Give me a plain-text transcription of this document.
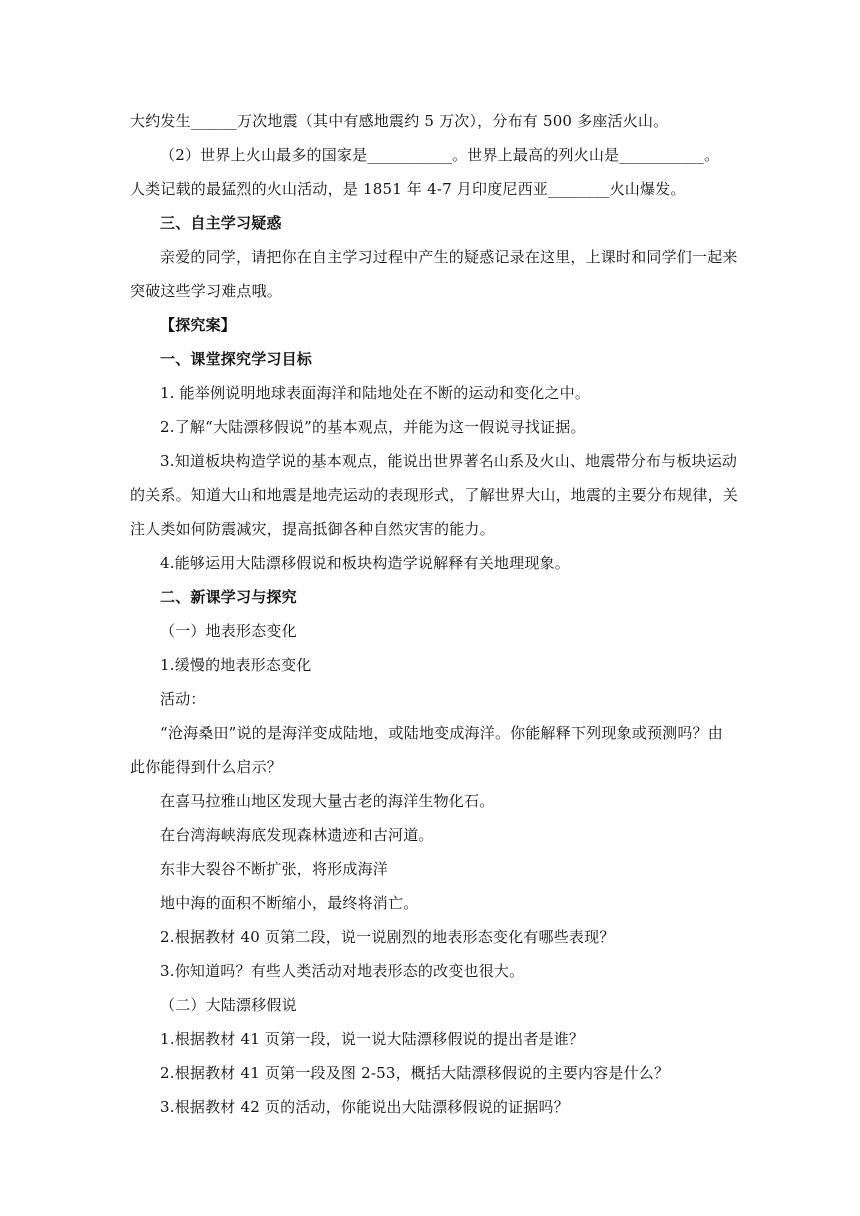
大约发生______万次地震（其中有感地震约 5 万次），分布有 500 多座活火山。
（2）世界上火山最多的国家是___________。世界上最高的列火山是___________。
人类记载的最猛烈的火山活动，是 1851 年 4-7 月印度尼西亚________火山爆发。
三、自主学习疑惑
亲爱的同学，请把你在自主学习过程中产生的疑惑记录在这里，上课时和同学们一起来
突破这些学习难点哦。
【探究案】
一、课堂探究学习目标
1. 能举例说明地球表面海洋和陆地处在不断的运动和变化之中。
2.了解“大陆漂移假说”的基本观点，并能为这一假说寻找证据。
3.知道板块构造学说的基本观点，能说出世界著名山系及火山、地震带分布与板块运动
的关系。知道大山和地震是地壳运动的表现形式，了解世界大山，地震的主要分布规律，关
注人类如何防震减灾，提高抵御各种自然灾害的能力。
4.能够运用大陆漂移假说和板块构造学说解释有关地理现象。
二、新课学习与探究
（一）地表形态变化
1.缓慢的地表形态变化
活动：
“沧海桑田”说的是海洋变成陆地，或陆地变成海洋。你能解释下列现象或预测吗？由
此你能得到什么启示？
在喜马拉雅山地区发现大量古老的海洋生物化石。
在台湾海峡海底发现森林遗迹和古河道。
东非大裂谷不断扩张，将形成海洋
地中海的面积不断缩小，最终将消亡。
2.根据教材 40 页第二段，说一说剧烈的地表形态变化有哪些表现？
3.你知道吗？有些人类活动对地表形态的改变也很大。
（二）大陆漂移假说
1.根据教材 41 页第一段，说一说大陆漂移假说的提出者是谁？
2.根据教材 41 页第一段及图 2-53，概括大陆漂移假说的主要内容是什么？
3.根据教材 42 页的活动，你能说出大陆漂移假说的证据吗？
